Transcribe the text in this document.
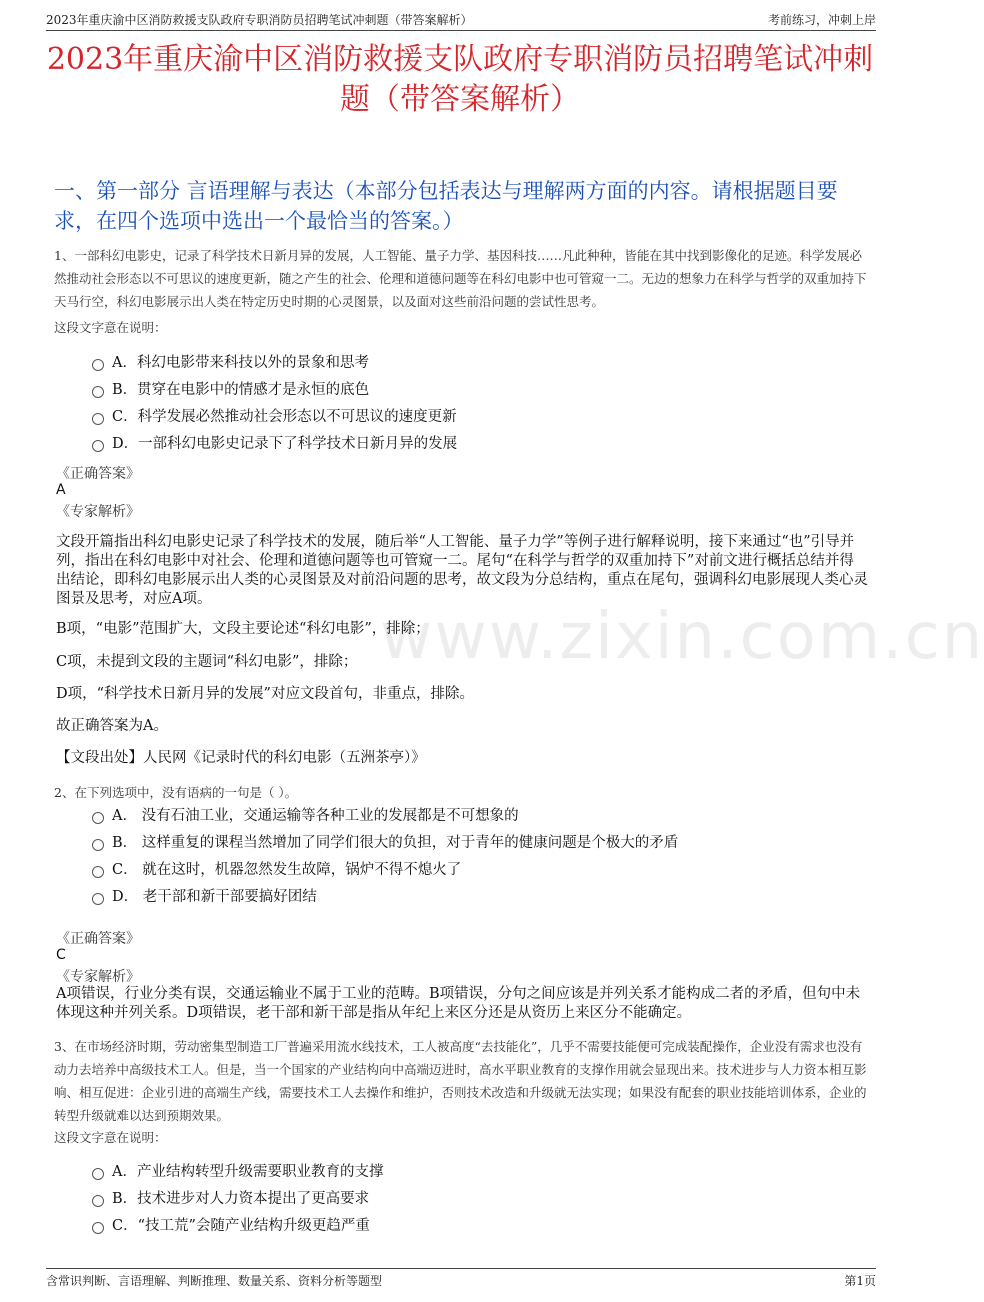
2023年重庆渝中区消防救援支队政府专职消防员招聘笔试冲刺题（带答案解析）	考前练习，冲刺上岸
2023年重庆渝中区消防救援支队政府专职消防员招聘笔试冲刺题（带答案解析）
一、第一部分 言语理解与表达（本部分包括表达与理解两方面的内容。请根据题目要求，在四个选项中选出一个最恰当的答案。）
www.zixin.com.cn
1、一部科幻电影史，记录了科学技术日新月异的发展，人工智能、量子力学、基因科技……凡此种种，皆能在其中找到影像化的足迹。科学发展必然推动社会形态以不可思议的速度更新，随之产生的社会、伦理和道德问题等在科幻电影中也可管窥一二。无边的想象力在科学与哲学的双重加持下天马行空，科幻电影展示出人类在特定历史时期的心灵图景，以及面对这些前沿问题的尝试性思考。
这段文字意在说明：
A．科幻电影带来科技以外的景象和思考
B．贯穿在电影中的情感才是永恒的底色
C．科学发展必然推动社会形态以不可思议的速度更新
D．一部科幻电影史记录下了科学技术日新月异的发展
《正确答案》
A
《专家解析》
文段开篇指出科幻电影史记录了科学技术的发展，随后举“人工智能、量子力学”等例子进行解释说明，接下来通过“也”引导并列，指出在科幻电影中对社会、伦理和道德问题等也可管窥一二。尾句“在科学与哲学的双重加持下”对前文进行概括总结并得出结论，即科幻电影展示出人类的心灵图景及对前沿问题的思考，故文段为分总结构，重点在尾句，强调科幻电影展现人类心灵图景及思考，对应A项。
B项，“电影”范围扩大，文段主要论述“科幻电影”，排除；
C项，未提到文段的主题词“科幻电影”，排除；
D项，“科学技术日新月异的发展”对应文段首句，非重点，排除。
故正确答案为A。
【文段出处】人民网《记录时代的科幻电影（五洲茶亭）》
2、在下列选项中，没有语病的一句是（ ）。
A． 没有石油工业，交通运输等各种工业的发展都是不可想象的
B． 这样重复的课程当然增加了同学们很大的负担，对于青年的健康问题是个极大的矛盾
C． 就在这时，机器忽然发生故障，锅炉不得不熄火了
D． 老干部和新干部要搞好团结
《正确答案》
C
《专家解析》
A项错误，行业分类有误，交通运输业不属于工业的范畴。B项错误，分句之间应该是并列关系才能构成二者的矛盾，但句中未体现这种并列关系。D项错误，老干部和新干部是指从年纪上来区分还是从资历上来区分不能确定。
3、在市场经济时期，劳动密集型制造工厂普遍采用流水线技术，工人被高度“去技能化”，几乎不需要技能便可完成装配操作，企业没有需求也没有动力去培养中高级技术工人。但是，当一个国家的产业结构向中高端迈进时，高水平职业教育的支撑作用就会显现出来。技术进步与人力资本相互影响、相互促进：企业引进的高端生产线，需要技术工人去操作和维护，否则技术改造和升级就无法实现；如果没有配套的职业技能培训体系，企业的转型升级就难以达到预期效果。
这段文字意在说明：
A．产业结构转型升级需要职业教育的支撑
B．技术进步对人力资本提出了更高要求
C．“技工荒”会随产业结构升级更趋严重
含常识判断、言语理解、判断推理、数量关系、资料分析等题型	第1页
